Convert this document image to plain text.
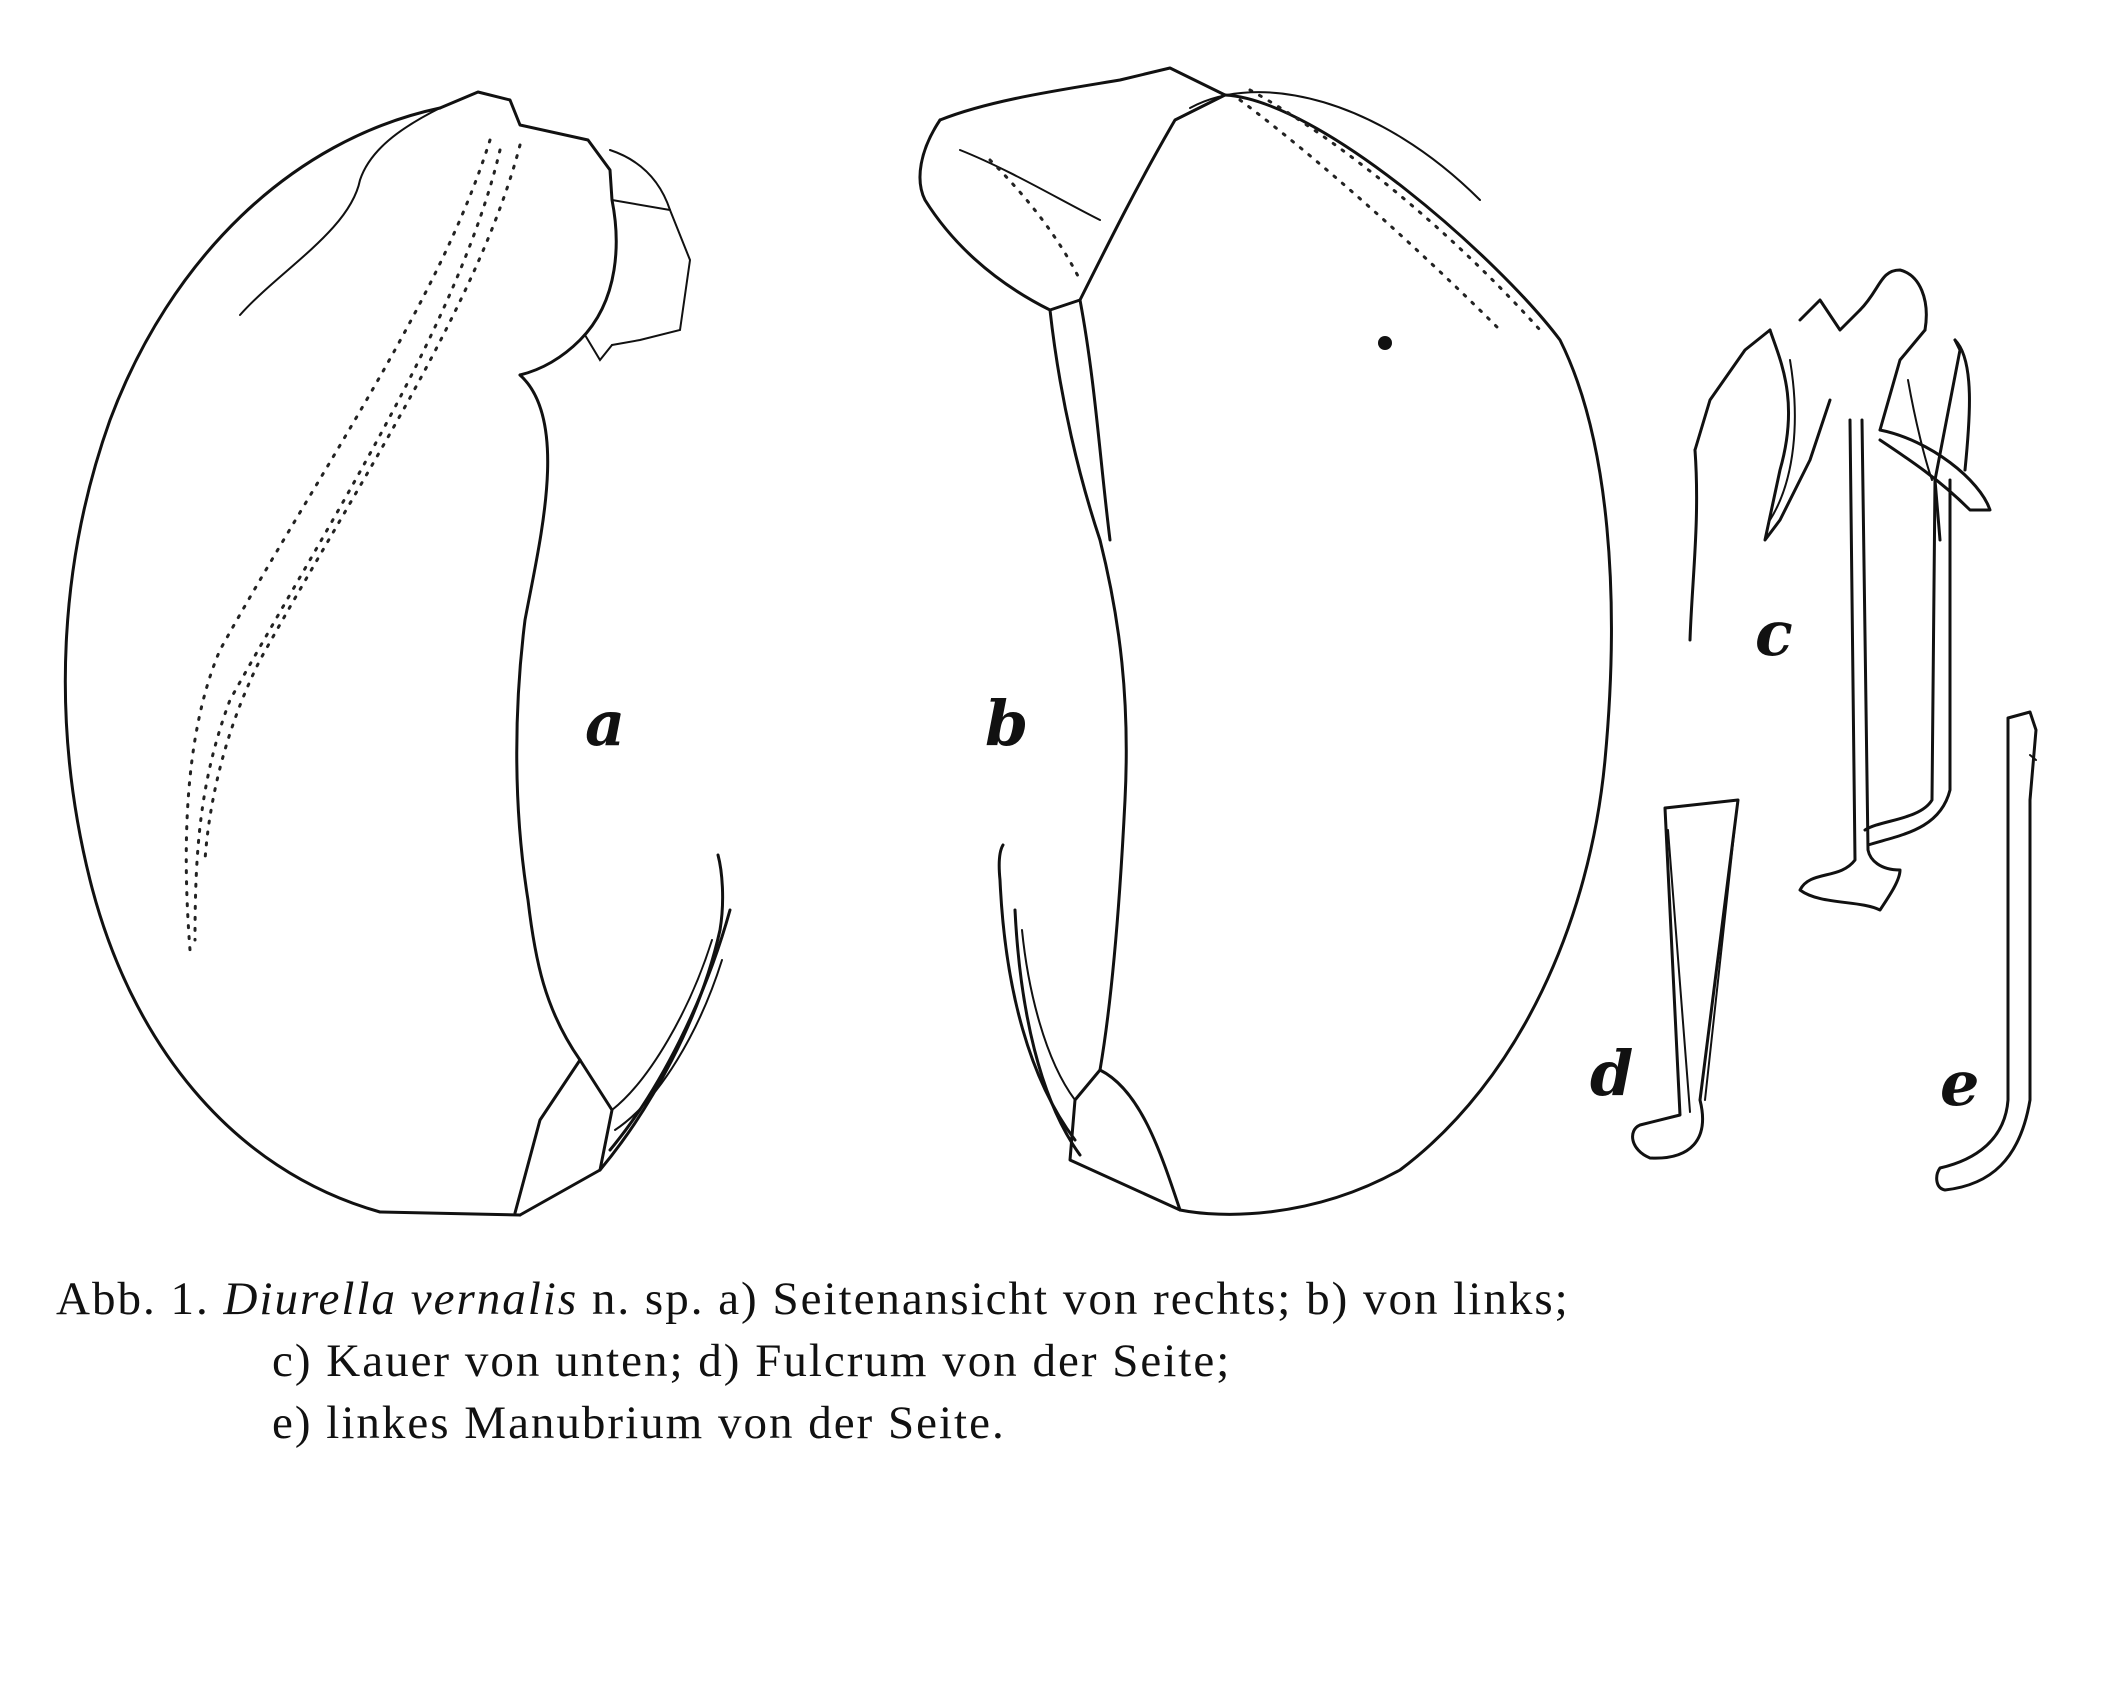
a	b
c
d	e
Abb. 1. Diurella vernalis n. sp. a) Seitenansicht von rechts; b) von links;
c) Kauer von unten; d) Fulcrum von der Seite;
e) linkes Manubrium von der Seite.
